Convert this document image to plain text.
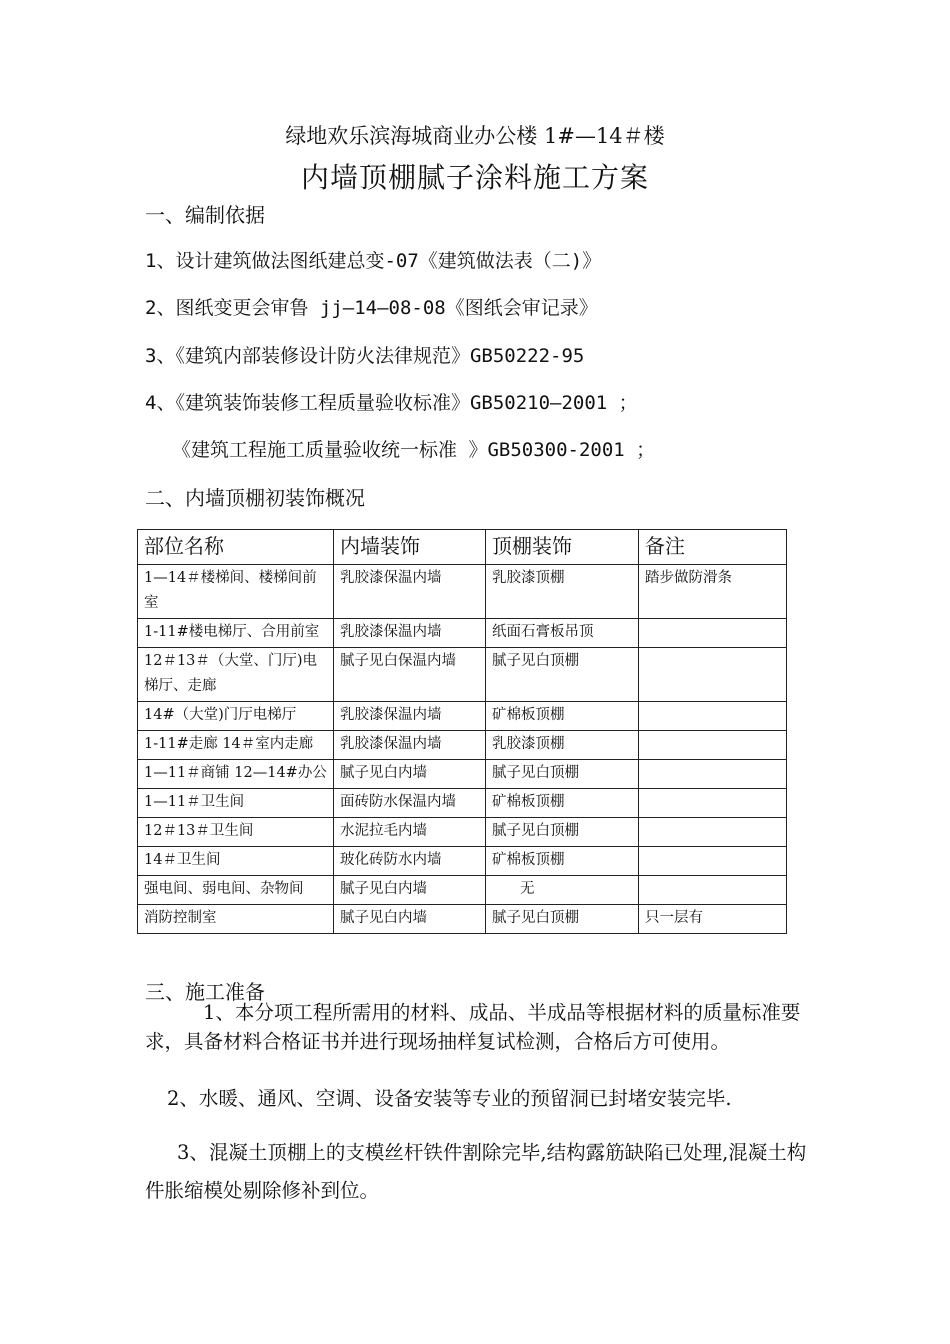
绿地欢乐滨海城商业办公楼 1#—14＃楼
内墙顶棚腻子涂料施工方案
一、编制依据
1、设计建筑做法图纸建总变-07《建筑做法表（二)》
2、图纸变更会审鲁 jj—14—08-08《图纸会审记录》
3、《建筑内部装修设计防火法律规范》GB50222-95
4、《建筑装饰装修工程质量验收标准》GB50210—2001 ；
《建筑工程施工质量验收统一标准 》GB50300-2001 ；
二、内墙顶棚初装饰概况
部位名称	内墙装饰	顶棚装饰	备注
1—14＃楼梯间、楼梯间前室	乳胶漆保温内墙	乳胶漆顶棚	踏步做防滑条
1-11#楼电梯厅、合用前室	乳胶漆保温内墙	纸面石膏板吊顶	
12＃13＃（大堂、门厅)电梯厅、走廊	腻子见白保温内墙	腻子见白顶棚	
14#（大堂)门厅电梯厅	乳胶漆保温内墙	矿棉板顶棚	
1-11#走廊 14＃室内走廊	乳胶漆保温内墙	乳胶漆顶棚	
1—11＃商铺 12—14#办公	腻子见白内墙	腻子见白顶棚	
1—11＃卫生间	面砖防水保温内墙	矿棉板顶棚	
12＃13＃卫生间	水泥拉毛内墙	腻子见白顶棚	
14＃卫生间	玻化砖防水内墙	矿棉板顶棚	
强电间、弱电间、杂物间	腻子见白内墙	无	
消防控制室	腻子见白内墙	腻子见白顶棚	只一层有
三、施工准备
1、本分项工程所需用的材料、成品、半成品等根据材料的质量标准要求，具备材料合格证书并进行现场抽样复试检测，合格后方可使用。
2、水暖、通风、空调、设备安装等专业的预留洞已封堵安装完毕.
3、混凝土顶棚上的支模丝杆铁件割除完毕,结构露筋缺陷已处理,混凝土构件胀缩模处剔除修补到位。
